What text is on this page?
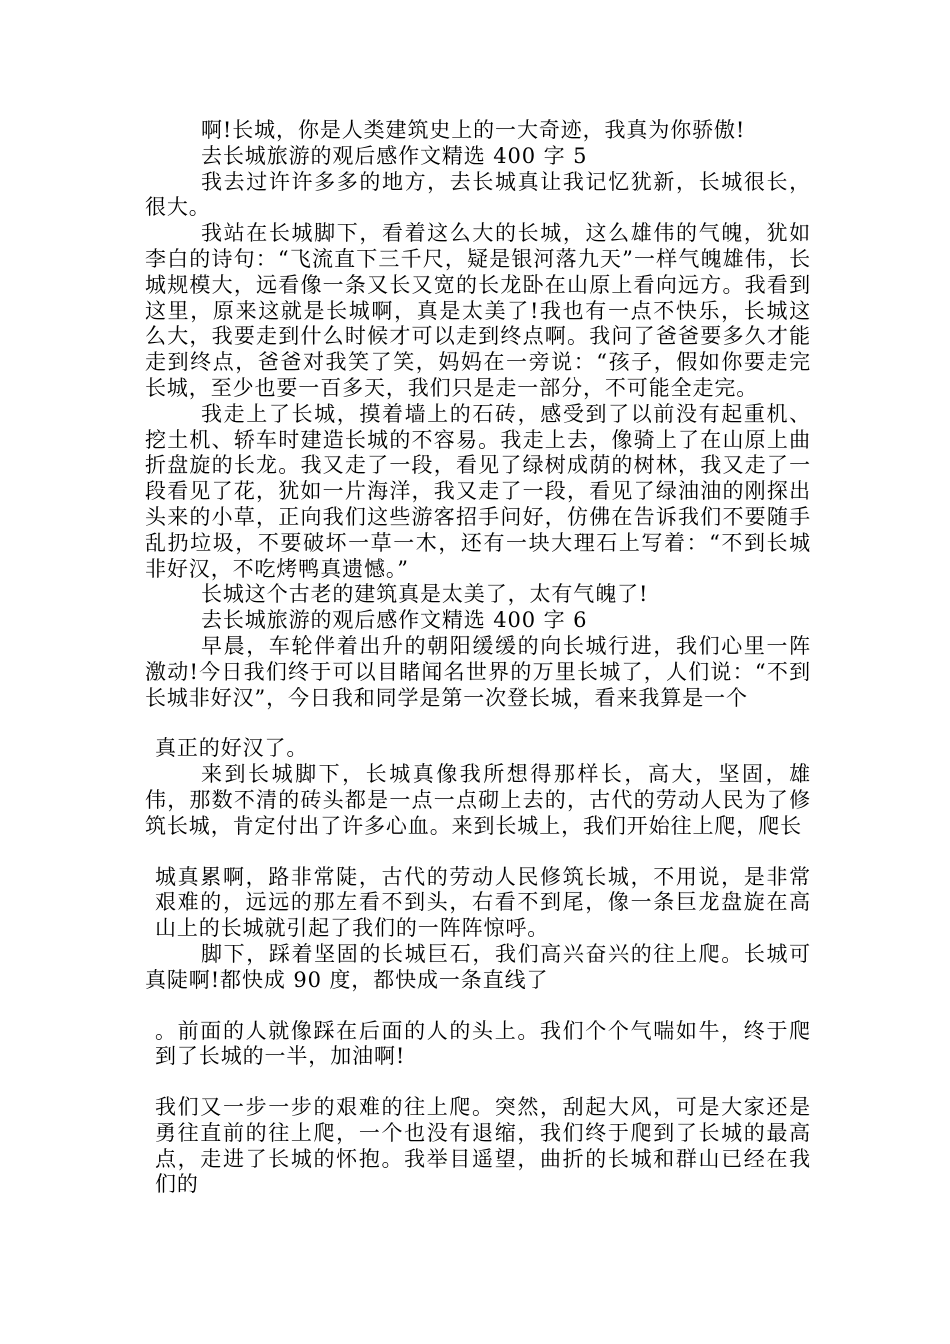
啊!长城，你是人类建筑史上的一大奇迹，我真为你骄傲!

去长城旅游的观后感作文精选 400 字 5

我去过许许多多的地方，去长城真让我记忆犹新，长城很长，很大。

我站在长城脚下，看着这么大的长城，这么雄伟的气魄，犹如李白的诗句：“飞流直下三千尺，疑是银河落九天”一样气魄雄伟，长城规模大，远看像一条又长又宽的长龙卧在山原上看向远方。我看到这里，原来这就是长城啊，真是太美了!我也有一点不快乐，长城这么大，我要走到什么时候才可以走到终点啊。我问了爸爸要多久才能走到终点，爸爸对我笑了笑，妈妈在一旁说：“孩子，假如你要走完长城，至少也要一百多天，我们只是走一部分，不可能全走完。

我走上了长城，摸着墙上的石砖，感受到了以前没有起重机、挖土机、轿车时建造长城的不容易。我走上去，像骑上了在山原上曲折盘旋的长龙。我又走了一段，看见了绿树成荫的树林，我又走了一段看见了花，犹如一片海洋，我又走了一段，看见了绿油油的刚探出头来的小草，正向我们这些游客招手问好，仿佛在告诉我们不要随手乱扔垃圾，不要破坏一草一木，还有一块大理石上写着：“不到长城非好汉，不吃烤鸭真遗憾。”

长城这个古老的建筑真是太美了，太有气魄了!

去长城旅游的观后感作文精选 400 字 6

早晨，车轮伴着出升的朝阳缓缓的向长城行进，我们心里一阵激动!今日我们终于可以目睹闻名世界的万里长城了，人们说：“不到长城非好汉”，今日我和同学是第一次登长城，看来我算是一个

真正的好汉了。

来到长城脚下，长城真像我所想得那样长，高大，坚固，雄伟，那数不清的砖头都是一点一点砌上去的，古代的劳动人民为了修筑长城，肯定付出了许多心血。来到长城上，我们开始往上爬，爬长

城真累啊，路非常陡，古代的劳动人民修筑长城，不用说，是非常艰难的，远远的那左看不到头，右看不到尾，像一条巨龙盘旋在高山上的长城就引起了我们的一阵阵惊呼。

脚下，踩着坚固的长城巨石，我们高兴奋兴的往上爬。长城可真陡啊!都快成 90 度，都快成一条直线了

。前面的人就像踩在后面的人的头上。我们个个气喘如牛，终于爬到了长城的一半，加油啊!

我们又一步一步的艰难的往上爬。突然，刮起大风，可是大家还是勇往直前的往上爬，一个也没有退缩，我们终于爬到了长城的最高点，走进了长城的怀抱。我举目遥望，曲折的长城和群山已经在我们的
